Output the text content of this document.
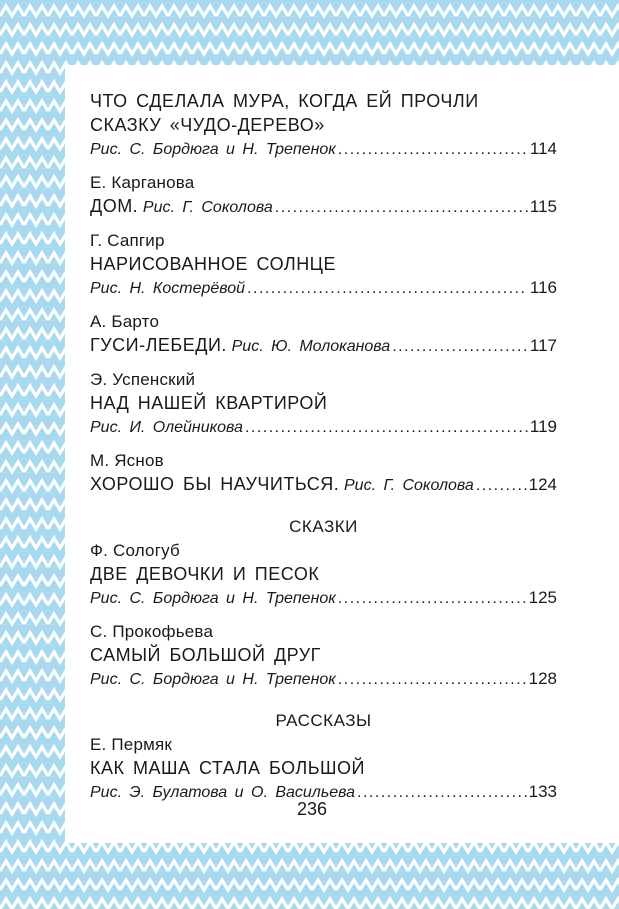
ЧТО СДЕЛАЛА МУРА, КОГДА ЕЙ ПРОЧЛИ
СКАЗКУ «ЧУДО-ДЕРЕВО»
Рис. С. Бордюга и Н. Трепенок .....	114
Е. Карганова
ДОМ. Рис. Г. Соколова .....	115
Г. Сапгир
НАРИСОВАННОЕ СОЛНЦЕ
Рис. Н. Костерёвой .....	116
А. Барто
ГУСИ-ЛЕБЕДИ. Рис. Ю. Молоканова .....	117
Э. Успенский
НАД НАШЕЙ КВАРТИРОЙ
Рис. И. Олейникова .....	119
М. Яснов
ХОРОШО БЫ НАУЧИТЬСЯ. Рис. Г. Соколова .....	124
СКАЗКИ
Ф. Сологуб
ДВЕ ДЕВОЧКИ И ПЕСОК
Рис. С. Бордюга и Н. Трепенок .....	125
С. Прокофьева
САМЫЙ БОЛЬШОЙ ДРУГ
Рис. С. Бордюга и Н. Трепенок .....	128
РАССКАЗЫ
Е. Пермяк
КАК МАША СТАЛА БОЛЬШОЙ
Рис. Э. Булатова и О. Васильева .....	133
236
